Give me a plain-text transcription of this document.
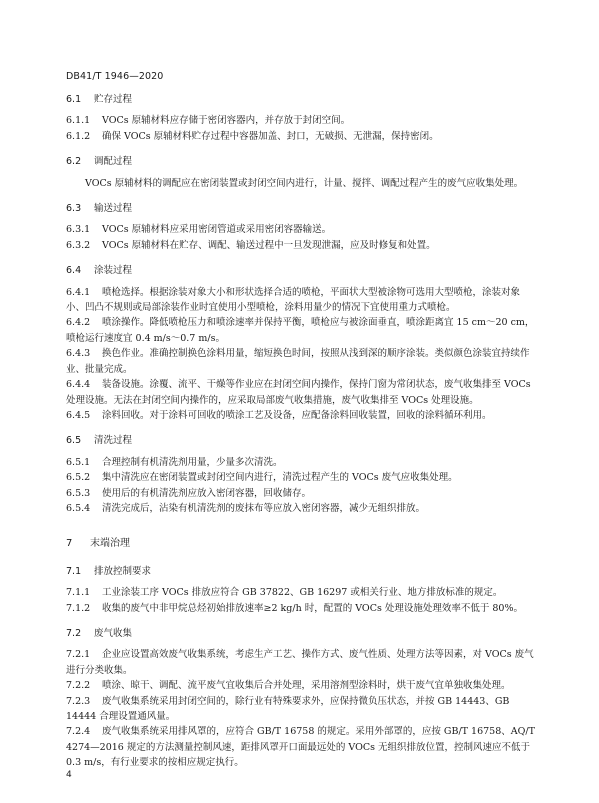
DB41/T 1946—2020
6.1 贮存过程
6.1.1 VOCs 原辅材料应存储于密闭容器内，并存放于封闭空间。
6.1.2 确保 VOCs 原辅材料贮存过程中容器加盖、封口，无破损、无泄漏，保持密闭。
6.2 调配过程
VOCs 原辅材料的调配应在密闭装置或封闭空间内进行，计量、搅拌、调配过程产生的废气应收集处理。
6.3 输送过程
6.3.1 VOCs 原辅材料应采用密闭管道或采用密闭容器输送。
6.3.2 VOCs 原辅材料在贮存、调配、输送过程中一旦发现泄漏，应及时修复和处置。
6.4 涂装过程
6.4.1 喷枪选择。根据涂装对象大小和形状选择合适的喷枪，平面状大型被涂物可选用大型喷枪，涂装对象小、凹凸不规则或局部涂装作业时宜使用小型喷枪，涂料用量少的情况下宜使用重力式喷枪。
6.4.2 喷涂操作。降低喷枪压力和喷涂速率并保持平衡，喷枪应与被涂面垂直，喷涂距离宜 15 cm～20 cm，喷枪运行速度宜 0.4 m/s～0.7 m/s。
6.4.3 换色作业。准确控制换色涂料用量，缩短换色时间，按照从浅到深的顺序涂装。类似颜色涂装宜持续作业、批量完成。
6.4.4 装备设施。涂覆、流平、干燥等作业应在封闭空间内操作，保持门窗为常闭状态，废气收集排至 VOCs 处理设施。无法在封闭空间内操作的，应采取局部废气收集措施，废气收集排至 VOCs 处理设施。
6.4.5 涂料回收。对于涂料可回收的喷涂工艺及设备，应配备涂料回收装置，回收的涂料循环利用。
6.5 清洗过程
6.5.1 合理控制有机清洗剂用量，少量多次清洗。
6.5.2 集中清洗应在密闭装置或封闭空间内进行，清洗过程产生的 VOCs 废气应收集处理。
6.5.3 使用后的有机清洗剂应放入密闭容器，回收储存。
6.5.4 清洗完成后，沾染有机清洗剂的废抹布等应放入密闭容器，减少无组织排放。
7 末端治理
7.1 排放控制要求
7.1.1 工业涂装工序 VOCs 排放应符合 GB 37822、GB 16297 或相关行业、地方排放标准的规定。
7.1.2 收集的废气中非甲烷总烃初始排放速率≥2 kg/h 时，配置的 VOCs 处理设施处理效率不低于 80%。
7.2 废气收集
7.2.1 企业应设置高效废气收集系统，考虑生产工艺、操作方式、废气性质、处理方法等因素，对 VOCs 废气进行分类收集。
7.2.2 喷涂、晾干、调配、流平废气宜收集后合并处理，采用溶剂型涂料时，烘干废气宜单独收集处理。
7.2.3 废气收集系统采用封闭空间的，除行业有特殊要求外，应保持微负压状态，并按 GB 14443、GB 14444 合理设置通风量。
7.2.4 废气收集系统采用排风罩的，应符合 GB/T 16758 的规定。采用外部罩的，应按 GB/T 16758、AQ/T 4274—2016 规定的方法测量控制风速，距排风罩开口面最远处的 VOCs 无组织排放位置，控制风速应不低于 0.3 m/s，有行业要求的按相应规定执行。
4
